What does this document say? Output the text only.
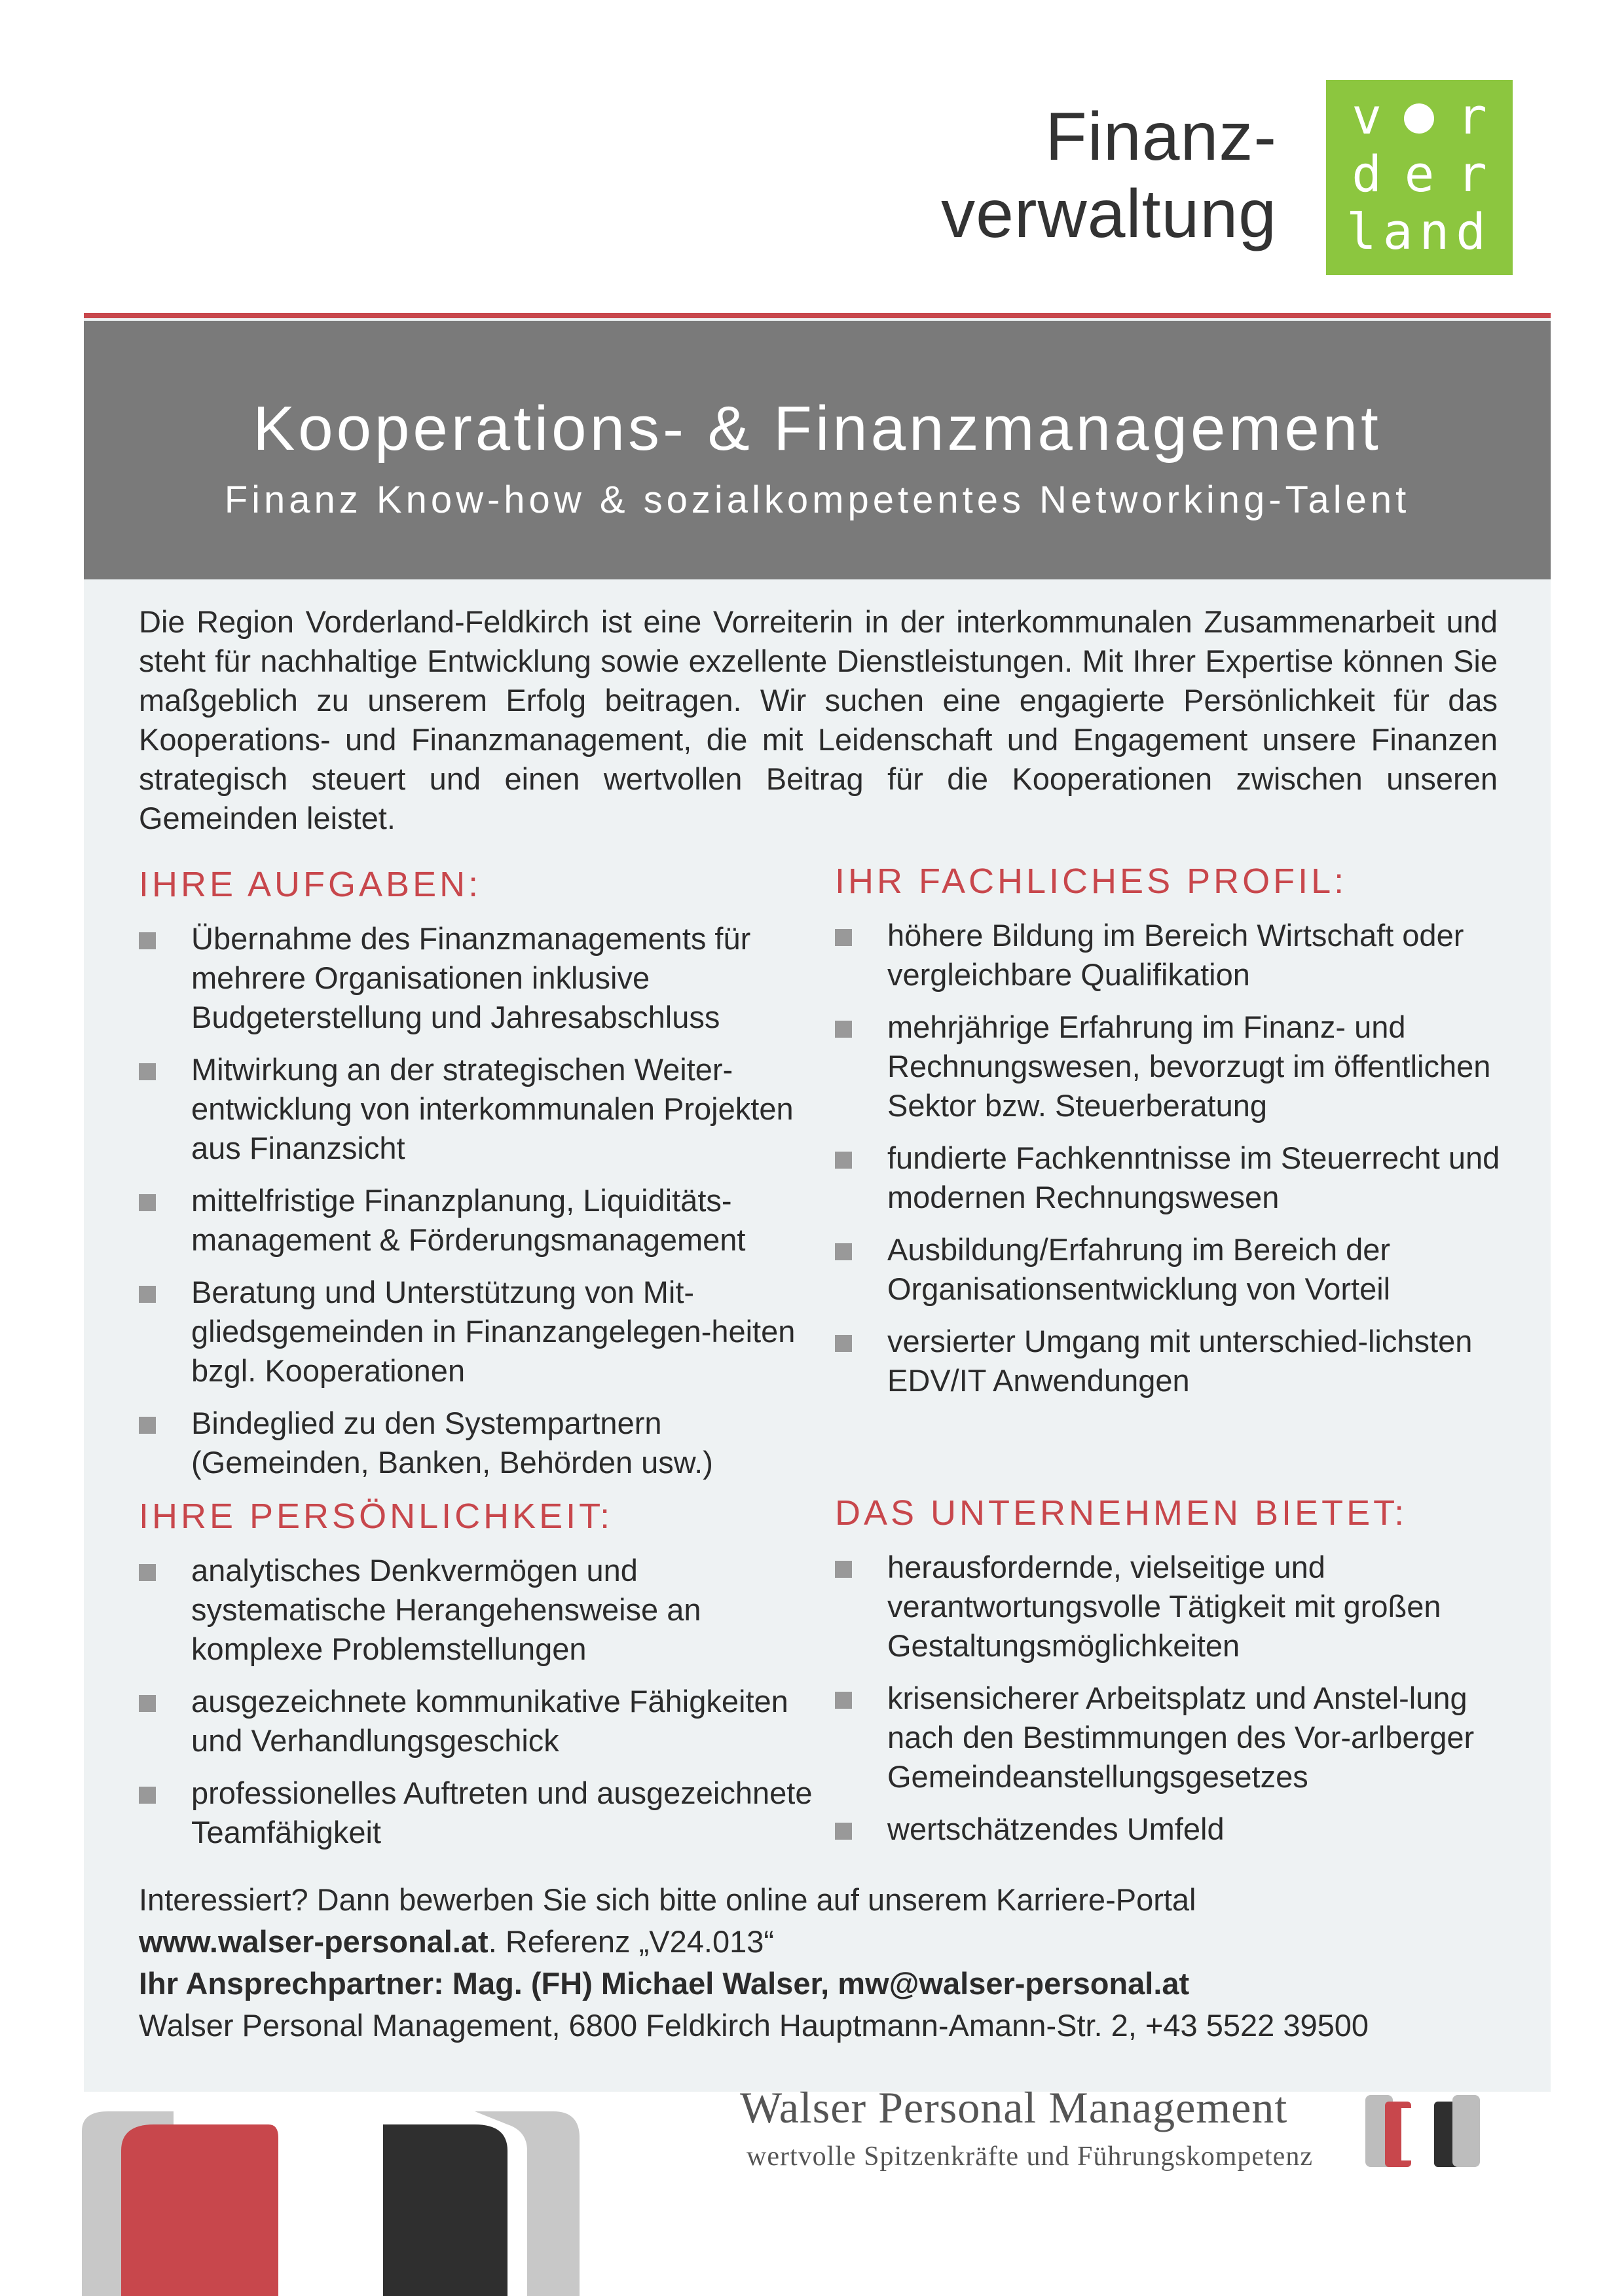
Finanz-
verwaltung
v r
d e r
land
Kooperations- & Finanzmanagement
Finanz Know-how & sozialkompetentes Networking-Talent
Die Region Vorderland-Feldkirch ist eine Vorreiterin in der interkommunalen Zusammenarbeit und steht für nachhaltige Entwicklung sowie exzellente Dienstleistungen. Mit Ihrer Expertise können Sie maßgeblich zu unserem Erfolg beitragen. Wir suchen eine engagierte Persönlichkeit für das Kooperations- und Finanzmanagement, die mit Leidenschaft und Engagement unsere Finanzen strategisch steuert und einen wertvollen Beitrag für die Kooperationen zwischen unseren Gemeinden leistet.
IHRE AUFGABEN:
Übernahme des Finanzmanagements für mehrere Organisationen inklusive Budgeterstellung und Jahresabschluss
Mitwirkung an der strategischen Weiter-entwicklung von interkommunalen Projekten aus Finanzsicht
mittelfristige Finanzplanung, Liquiditäts-management & Förderungsmanagement
Beratung und Unterstützung von Mit-gliedsgemeinden in Finanzangelegen-heiten bzgl. Kooperationen
Bindeglied zu den Systempartnern (Gemeinden, Banken, Behörden usw.)
IHR FACHLICHES PROFIL:
höhere Bildung im Bereich Wirtschaft oder vergleichbare Qualifikation
mehrjährige Erfahrung im Finanz- und Rechnungswesen, bevorzugt im öffentlichen Sektor bzw. Steuerberatung
fundierte Fachkenntnisse im Steuerrecht und modernen Rechnungswesen
Ausbildung/Erfahrung im Bereich der Organisationsentwicklung von Vorteil
versierter Umgang mit unterschied-lichsten EDV/IT Anwendungen
IHRE PERSÖNLICHKEIT:
analytisches Denkvermögen und systematische Herangehensweise an komplexe Problemstellungen
ausgezeichnete kommunikative Fähigkeiten und Verhandlungsgeschick
professionelles Auftreten und ausgezeichnete Teamfähigkeit
DAS UNTERNEHMEN BIETET:
herausfordernde, vielseitige und verantwortungsvolle Tätigkeit mit großen Gestaltungsmöglichkeiten
krisensicherer Arbeitsplatz und Anstel-lung nach den Bestimmungen des Vor-arlberger Gemeindeanstellungsgesetzes
wertschätzendes Umfeld
Interessiert? Dann bewerben Sie sich bitte online auf unserem Karriere-Portal
www.walser-personal.at. Referenz „V24.013“
Ihr Ansprechpartner: Mag. (FH) Michael Walser, mw@walser-personal.at
Walser Personal Management, 6800 Feldkirch Hauptmann-Amann-Str. 2, +43 5522 39500
Walser Personal Management
wertvolle Spitzenkräfte und Führungskompetenz
